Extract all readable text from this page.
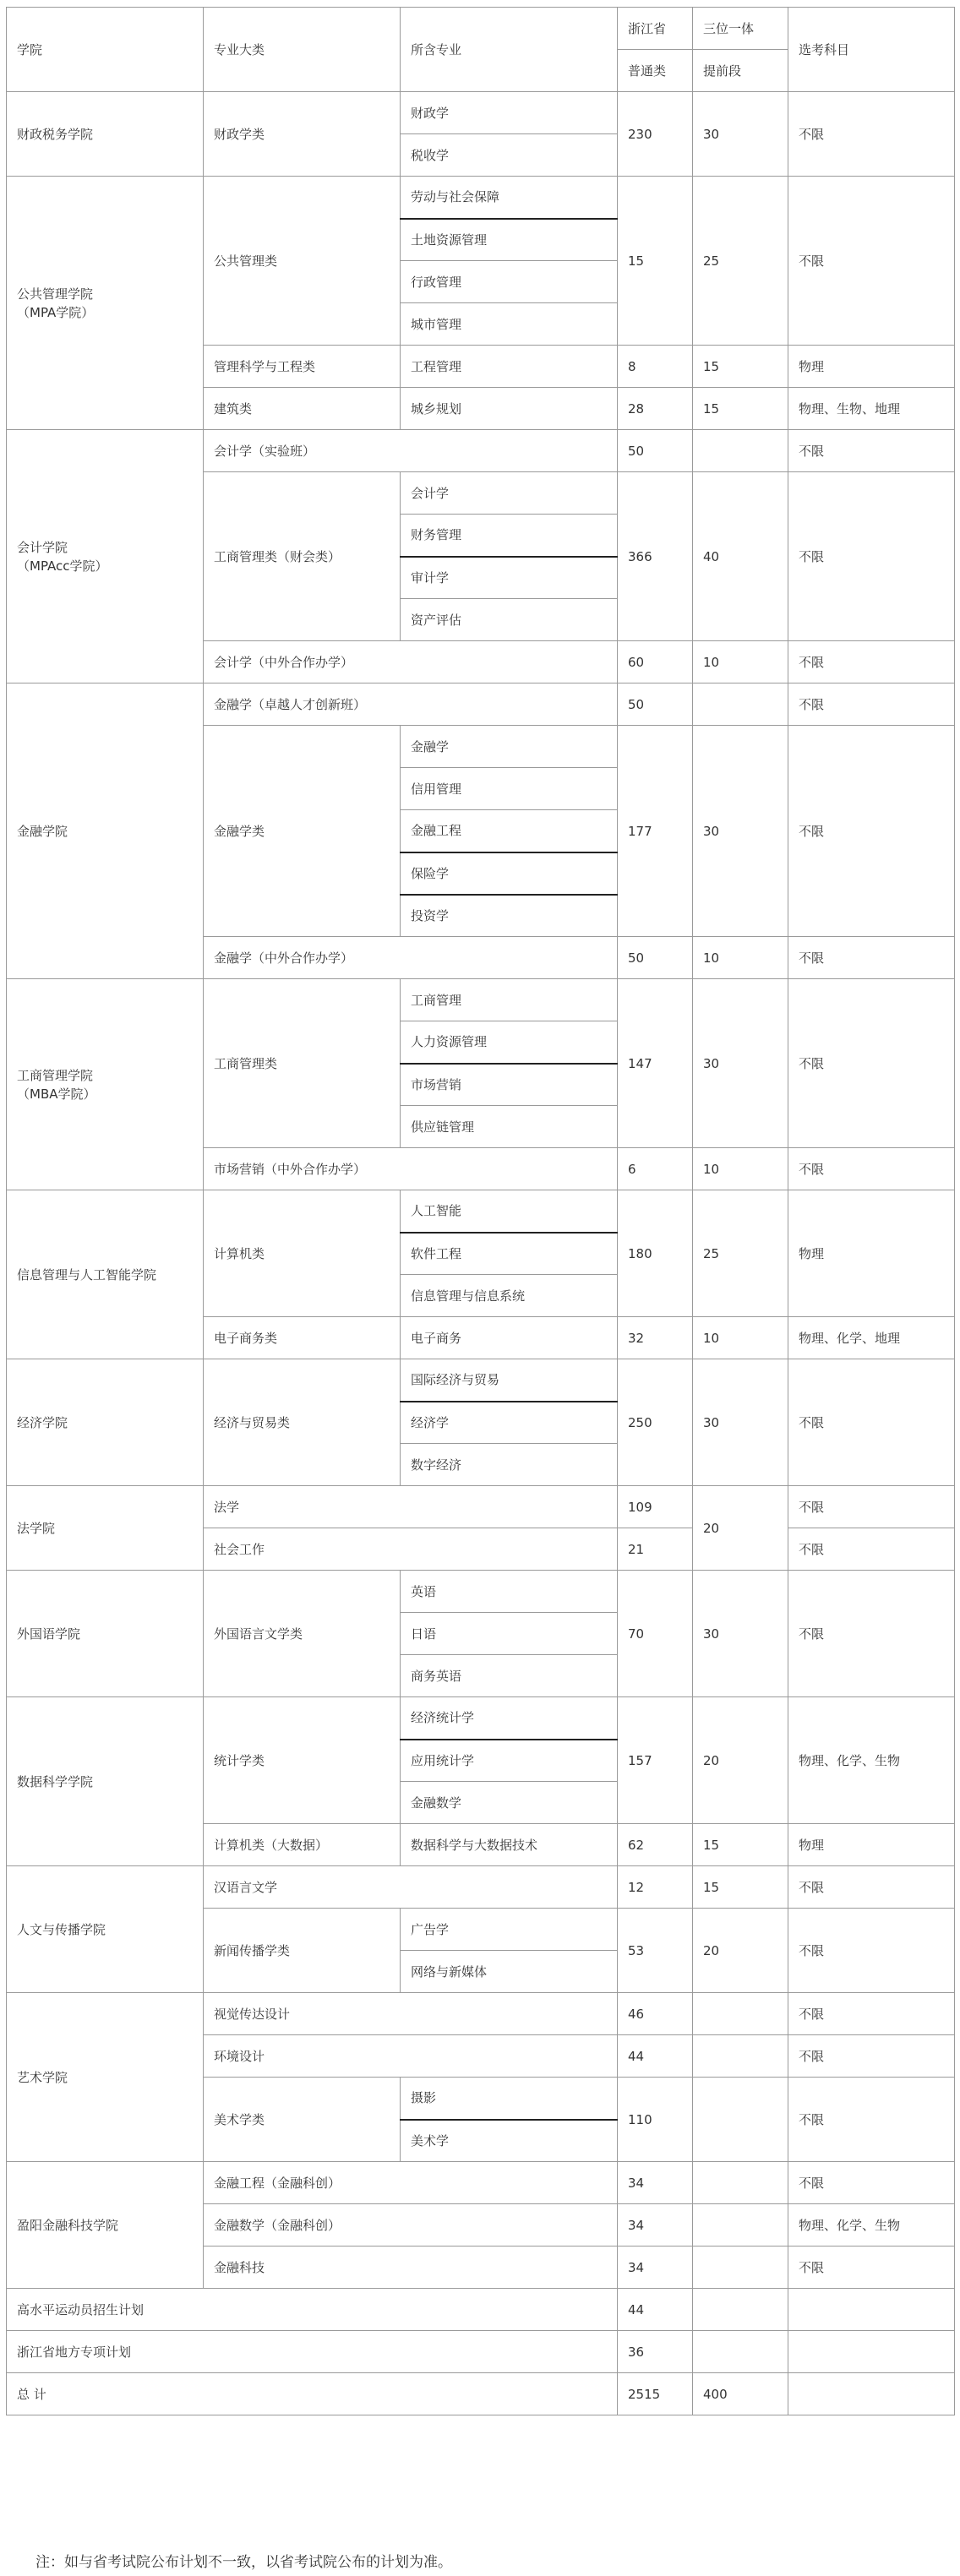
学院	专业大类	所含专业	浙江省	三位一体	选考科目
			普通类	提前段	
财政税务学院	财政学类	财政学	230	30	不限
		税收学			
公共管理学院
（MPA学院）	公共管理类	劳动与社会保障	15	25	不限
		土地资源管理			
		行政管理			
		城市管理			
	管理科学与工程类	工程管理	8	15	物理
	建筑类	城乡规划	28	15	物理、生物、地理
会计学院
（MPAcc学院）	会计学（实验班）		50		不限
	工商管理类（财会类）	会计学	366	40	不限
		财务管理			
		审计学			
		资产评估			
	会计学（中外合作办学）		60	10	不限
金融学院	金融学（卓越人才创新班）		50		不限
	金融学类	金融学	177	30	不限
		信用管理			
		金融工程			
		保险学			
		投资学			
	金融学（中外合作办学）		50	10	不限
工商管理学院
（MBA学院）	工商管理类	工商管理	147	30	不限
		人力资源管理			
		市场营销			
		供应链管理			
	市场营销（中外合作办学）		6	10	不限
信息管理与人工智能学院	计算机类	人工智能	180	25	物理
		软件工程			
		信息管理与信息系统			
	电子商务类	电子商务	32	10	物理、化学、地理
经济学院	经济与贸易类	国际经济与贸易	250	30	不限
		经济学			
		数字经济			
法学院	法学		109	20	不限
	社会工作		21		不限
外国语学院	外国语言文学类	英语	70	30	不限
		日语			
		商务英语			
数据科学学院	统计学类	经济统计学	157	20	物理、化学、生物
		应用统计学			
		金融数学			
	计算机类（大数据）	数据科学与大数据技术	62	15	物理
人文与传播学院	汉语言文学		12	15	不限
	新闻传播学类	广告学	53	20	不限
		网络与新媒体			
艺术学院	视觉传达设计		46		不限
	环境设计		44		不限
	美术学类	摄影	110		不限
		美术学			
盈阳金融科技学院	金融工程（金融科创）		34		不限
	金融数学（金融科创）		34		物理、化学、生物
	金融科技		34		不限
高水平运动员招生计划			44		
浙江省地方专项计划			36		
总 计			2515	400	
注：如与省考试院公布计划不一致，以省考试院公布的计划为准。
